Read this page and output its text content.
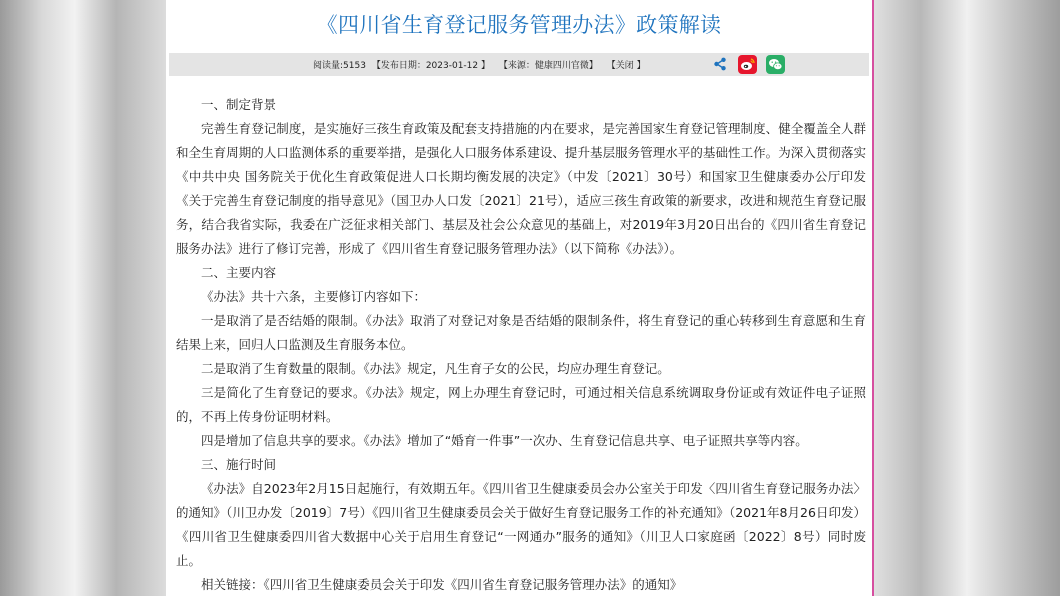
《四川省生育登记服务管理办法》政策解读
阅读量:5153 【发布日期：2023-01-12 】 【来源：健康四川官微】 【关闭 】

一、制定背景

完善生育登记制度，是实施好三孩生育政策及配套支持措施的内在要求，是完善国家生育登记管理制度、健全覆盖全人群和全生育周期的人口监测体系的重要举措，是强化人口服务体系建设、提升基层服务管理水平的基础性工作。为深入贯彻落实《中共中央 国务院关于优化生育政策促进人口长期均衡发展的决定》（中发〔2021〕30号）和国家卫生健康委办公厅印发《关于完善生育登记制度的指导意见》（国卫办人口发〔2021〕21号），适应三孩生育政策的新要求，改进和规范生育登记服务，结合我省实际，我委在广泛征求相关部门、基层及社会公众意见的基础上，对2019年3月20日出台的《四川省生育登记服务办法》进行了修订完善，形成了《四川省生育登记服务管理办法》（以下简称《办法》）。

二、主要内容

《办法》共十六条，主要修订内容如下：

一是取消了是否结婚的限制。《办法》取消了对登记对象是否结婚的限制条件，将生育登记的重心转移到生育意愿和生育结果上来，回归人口监测及生育服务本位。

二是取消了生育数量的限制。《办法》规定，凡生育子女的公民，均应办理生育登记。

三是简化了生育登记的要求。《办法》规定，网上办理生育登记时，可通过相关信息系统调取身份证或有效证件电子证照的，不再上传身份证明材料。

四是增加了信息共享的要求。《办法》增加了“婚育一件事”一次办、生育登记信息共享、电子证照共享等内容。

三、施行时间

《办法》自2023年2月15日起施行，有效期五年。《四川省卫生健康委员会办公室关于印发〈四川省生育登记服务办法〉的通知》（川卫办发〔2019〕7号）《四川省卫生健康委员会关于做好生育登记服务工作的补充通知》（2021年8月26日印发）《四川省卫生健康委四川省大数据中心关于启用生育登记“一网通办”服务的通知》（川卫人口家庭函〔2022〕8号）同时废止。

相关链接：《四川省卫生健康委员会关于印发《四川省生育登记服务管理办法》的通知》
